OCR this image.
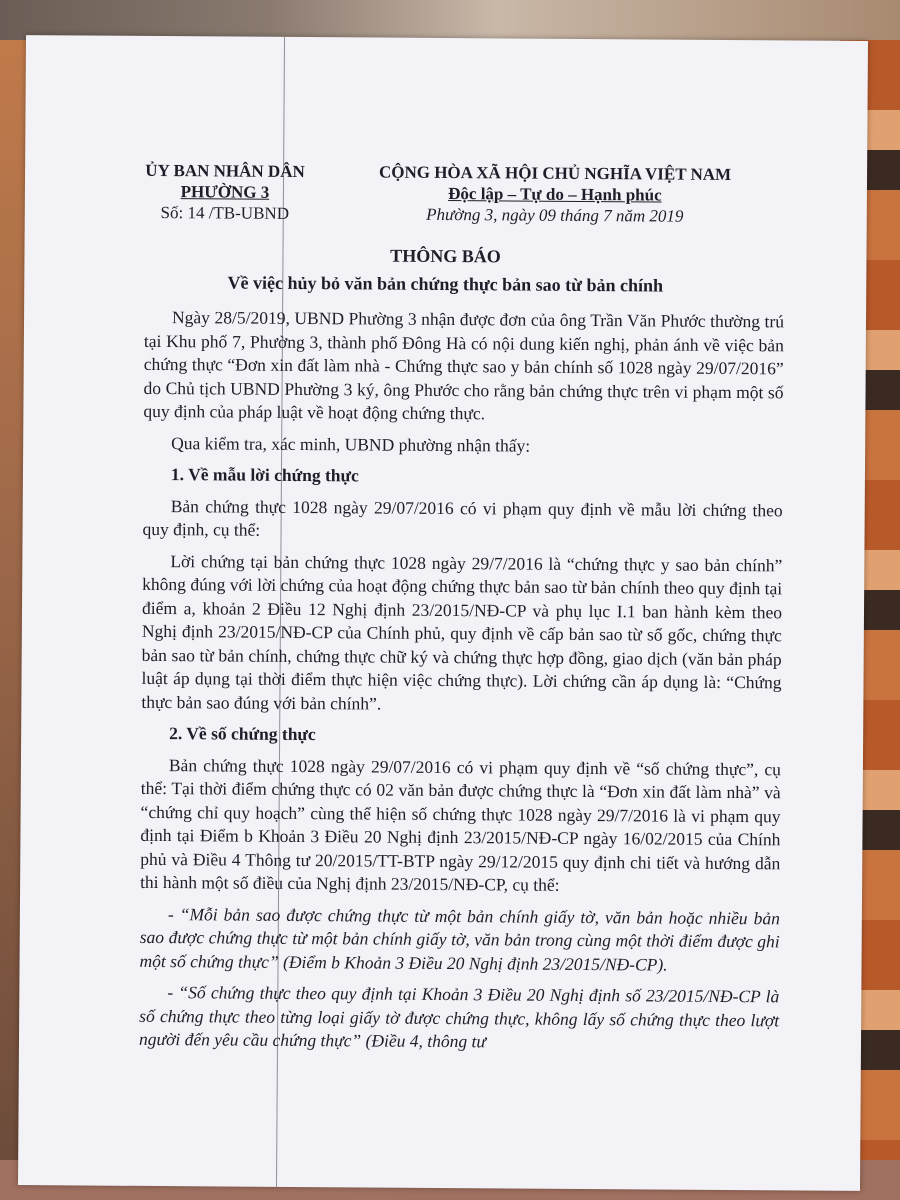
ỦY BAN NHÂN DÂN
PHƯỜNG 3
Số: 14 /TB-UBND
CỘNG HÒA XÃ HỘI CHỦ NGHĨA VIỆT NAM
Độc lập – Tự do – Hạnh phúc
Phường 3, ngày 09 tháng 7 năm 2019
THÔNG BÁO
Về việc hủy bỏ văn bản chứng thực bản sao từ bản chính

Ngày 28/5/2019, UBND Phường 3 nhận được đơn của ông Trần Văn Phước thường trú tại Khu phố 7, Phường 3, thành phố Đông Hà có nội dung kiến nghị, phản ánh về việc bản chứng thực “Đơn xin đất làm nhà - Chứng thực sao y bản chính số 1028 ngày 29/07/2016” do Chủ tịch UBND Phường 3 ký, ông Phước cho rằng bản chứng thực trên vi phạm một số quy định của pháp luật về hoạt động chứng thực.

Qua kiểm tra, xác minh, UBND phường nhận thấy:

1. Về mẫu lời chứng thực

Bản chứng thực 1028 ngày 29/07/2016 có vi phạm quy định về mẫu lời chứng theo quy định, cụ thể:

Lời chứng tại bản chứng thực 1028 ngày 29/7/2016 là “chứng thực y sao bản chính” không đúng với lời chứng của hoạt động chứng thực bản sao từ bản chính theo quy định tại điểm a, khoản 2 Điều 12 Nghị định 23/2015/NĐ-CP và phụ lục I.1 ban hành kèm theo Nghị định 23/2015/NĐ-CP của Chính phủ, quy định về cấp bản sao từ sổ gốc, chứng thực bản sao từ bản chính, chứng thực chữ ký và chứng thực hợp đồng, giao dịch (văn bản pháp luật áp dụng tại thời điểm thực hiện việc chứng thực). Lời chứng cần áp dụng là: “Chứng thực bản sao đúng với bản chính”.

2. Về số chứng thực

Bản chứng thực 1028 ngày 29/07/2016 có vi phạm quy định về “số chứng thực”, cụ thể: Tại thời điểm chứng thực có 02 văn bản được chứng thực là “Đơn xin đất làm nhà” và “chứng chỉ quy hoạch” cùng thể hiện số chứng thực 1028 ngày 29/7/2016 là vi phạm quy định tại Điểm b Khoản 3 Điều 20 Nghị định 23/2015/NĐ-CP ngày 16/02/2015 của Chính phủ và Điều 4 Thông tư 20/2015/TT-BTP ngày 29/12/2015 quy định chi tiết và hướng dẫn thi hành một số điều của Nghị định 23/2015/NĐ-CP, cụ thể:

- “Mỗi bản sao được chứng thực từ một bản chính giấy tờ, văn bản hoặc nhiều bản sao được chứng thực từ một bản chính giấy tờ, văn bản trong cùng một thời điểm được ghi một số chứng thực” (Điểm b Khoản 3 Điều 20 Nghị định 23/2015/NĐ-CP).

- “Số chứng thực theo quy định tại Khoản 3 Điều 20 Nghị định số 23/2015/NĐ-CP là số chứng thực theo từng loại giấy tờ được chứng thực, không lấy số chứng thực theo lượt người đến yêu cầu chứng thực” (Điều 4, thông tư
